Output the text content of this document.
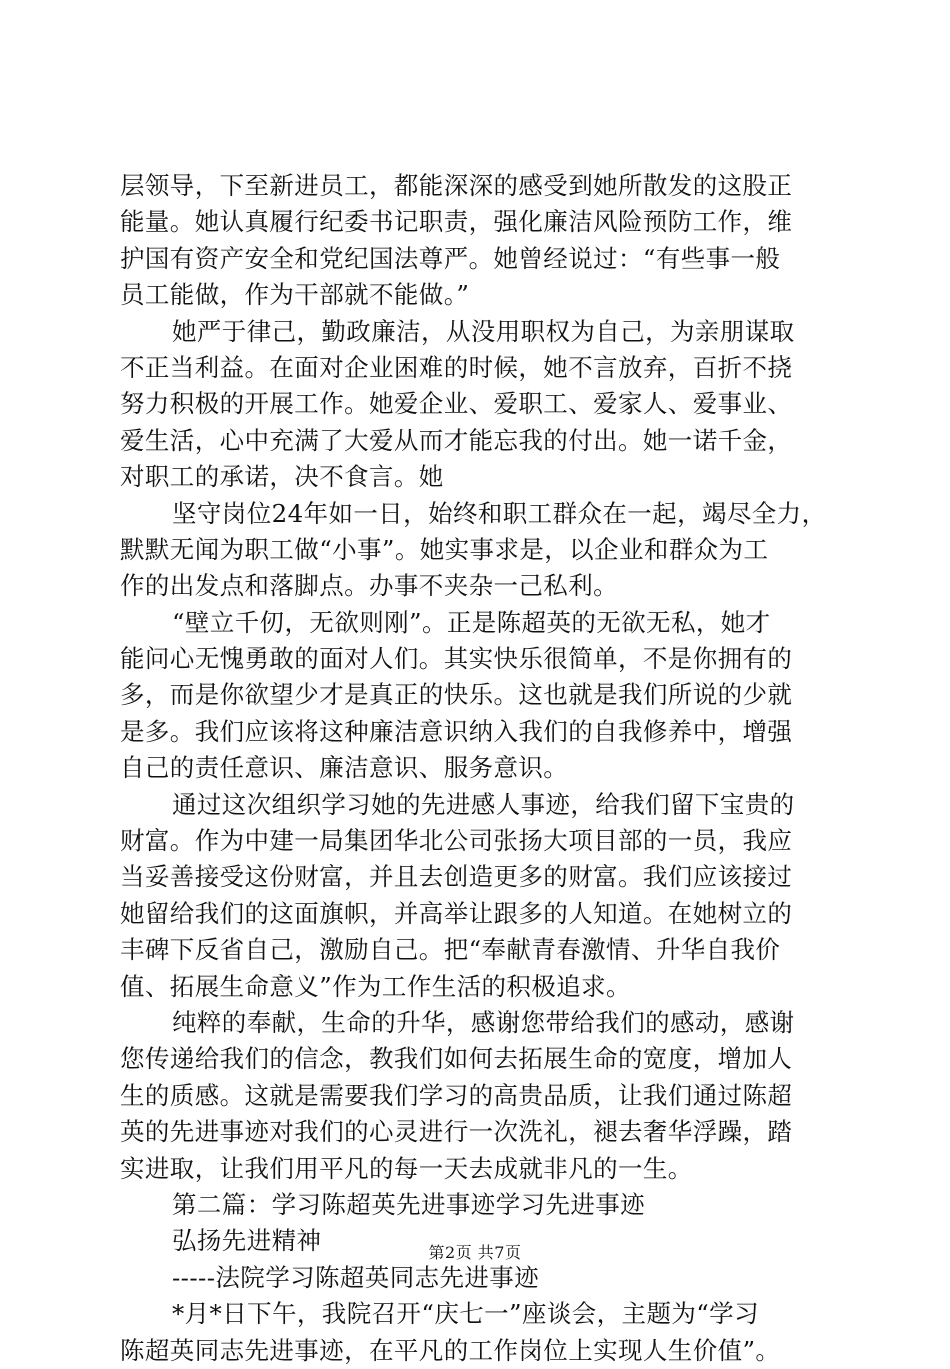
层领导，下至新进员工，都能深深的感受到她所散发的这股正
能量。她认真履行纪委书记职责，强化廉洁风险预防工作，维
护国有资产安全和党纪国法尊严。她曾经说过：“有些事一般
员工能做，作为干部就不能做。”
她严于律己，勤政廉洁，从没用职权为自己，为亲朋谋取
不正当利益。在面对企业困难的时候，她不言放弃，百折不挠
努力积极的开展工作。她爱企业、爱职工、爱家人、爱事业、
爱生活，心中充满了大爱从而才能忘我的付出。她一诺千金，
对职工的承诺，决不食言。她
坚守岗位24年如一日，始终和职工群众在一起，竭尽全力，
默默无闻为职工做“小事”。她实事求是，以企业和群众为工
作的出发点和落脚点。办事不夹杂一己私利。
“壁立千仞，无欲则刚”。正是陈超英的无欲无私，她才
能问心无愧勇敢的面对人们。其实快乐很简单，不是你拥有的
多，而是你欲望少才是真正的快乐。这也就是我们所说的少就
是多。我们应该将这种廉洁意识纳入我们的自我修养中，增强
自己的责任意识、廉洁意识、服务意识。
通过这次组织学习她的先进感人事迹，给我们留下宝贵的
财富。作为中建一局集团华北公司张扬大项目部的一员，我应
当妥善接受这份财富，并且去创造更多的财富。我们应该接过
她留给我们的这面旗帜，并高举让跟多的人知道。在她树立的
丰碑下反省自己，激励自己。把“奉献青春激情、升华自我价
值、拓展生命意义”作为工作生活的积极追求。
纯粹的奉献，生命的升华，感谢您带给我们的感动，感谢
您传递给我们的信念，教我们如何去拓展生命的宽度，增加人
生的质感。这就是需要我们学习的高贵品质，让我们通过陈超
英的先进事迹对我们的心灵进行一次洗礼，褪去奢华浮躁，踏
实进取，让我们用平凡的每一天去成就非凡的一生。
第二篇：学习陈超英先进事迹学习先进事迹
弘扬先进精神
-----法院学习陈超英同志先进事迹
*月*日下午，我院召开“庆七一”座谈会，主题为“学习
陈超英同志先进事迹，在平凡的工作岗位上实现人生价值”。
第2页 共7页
